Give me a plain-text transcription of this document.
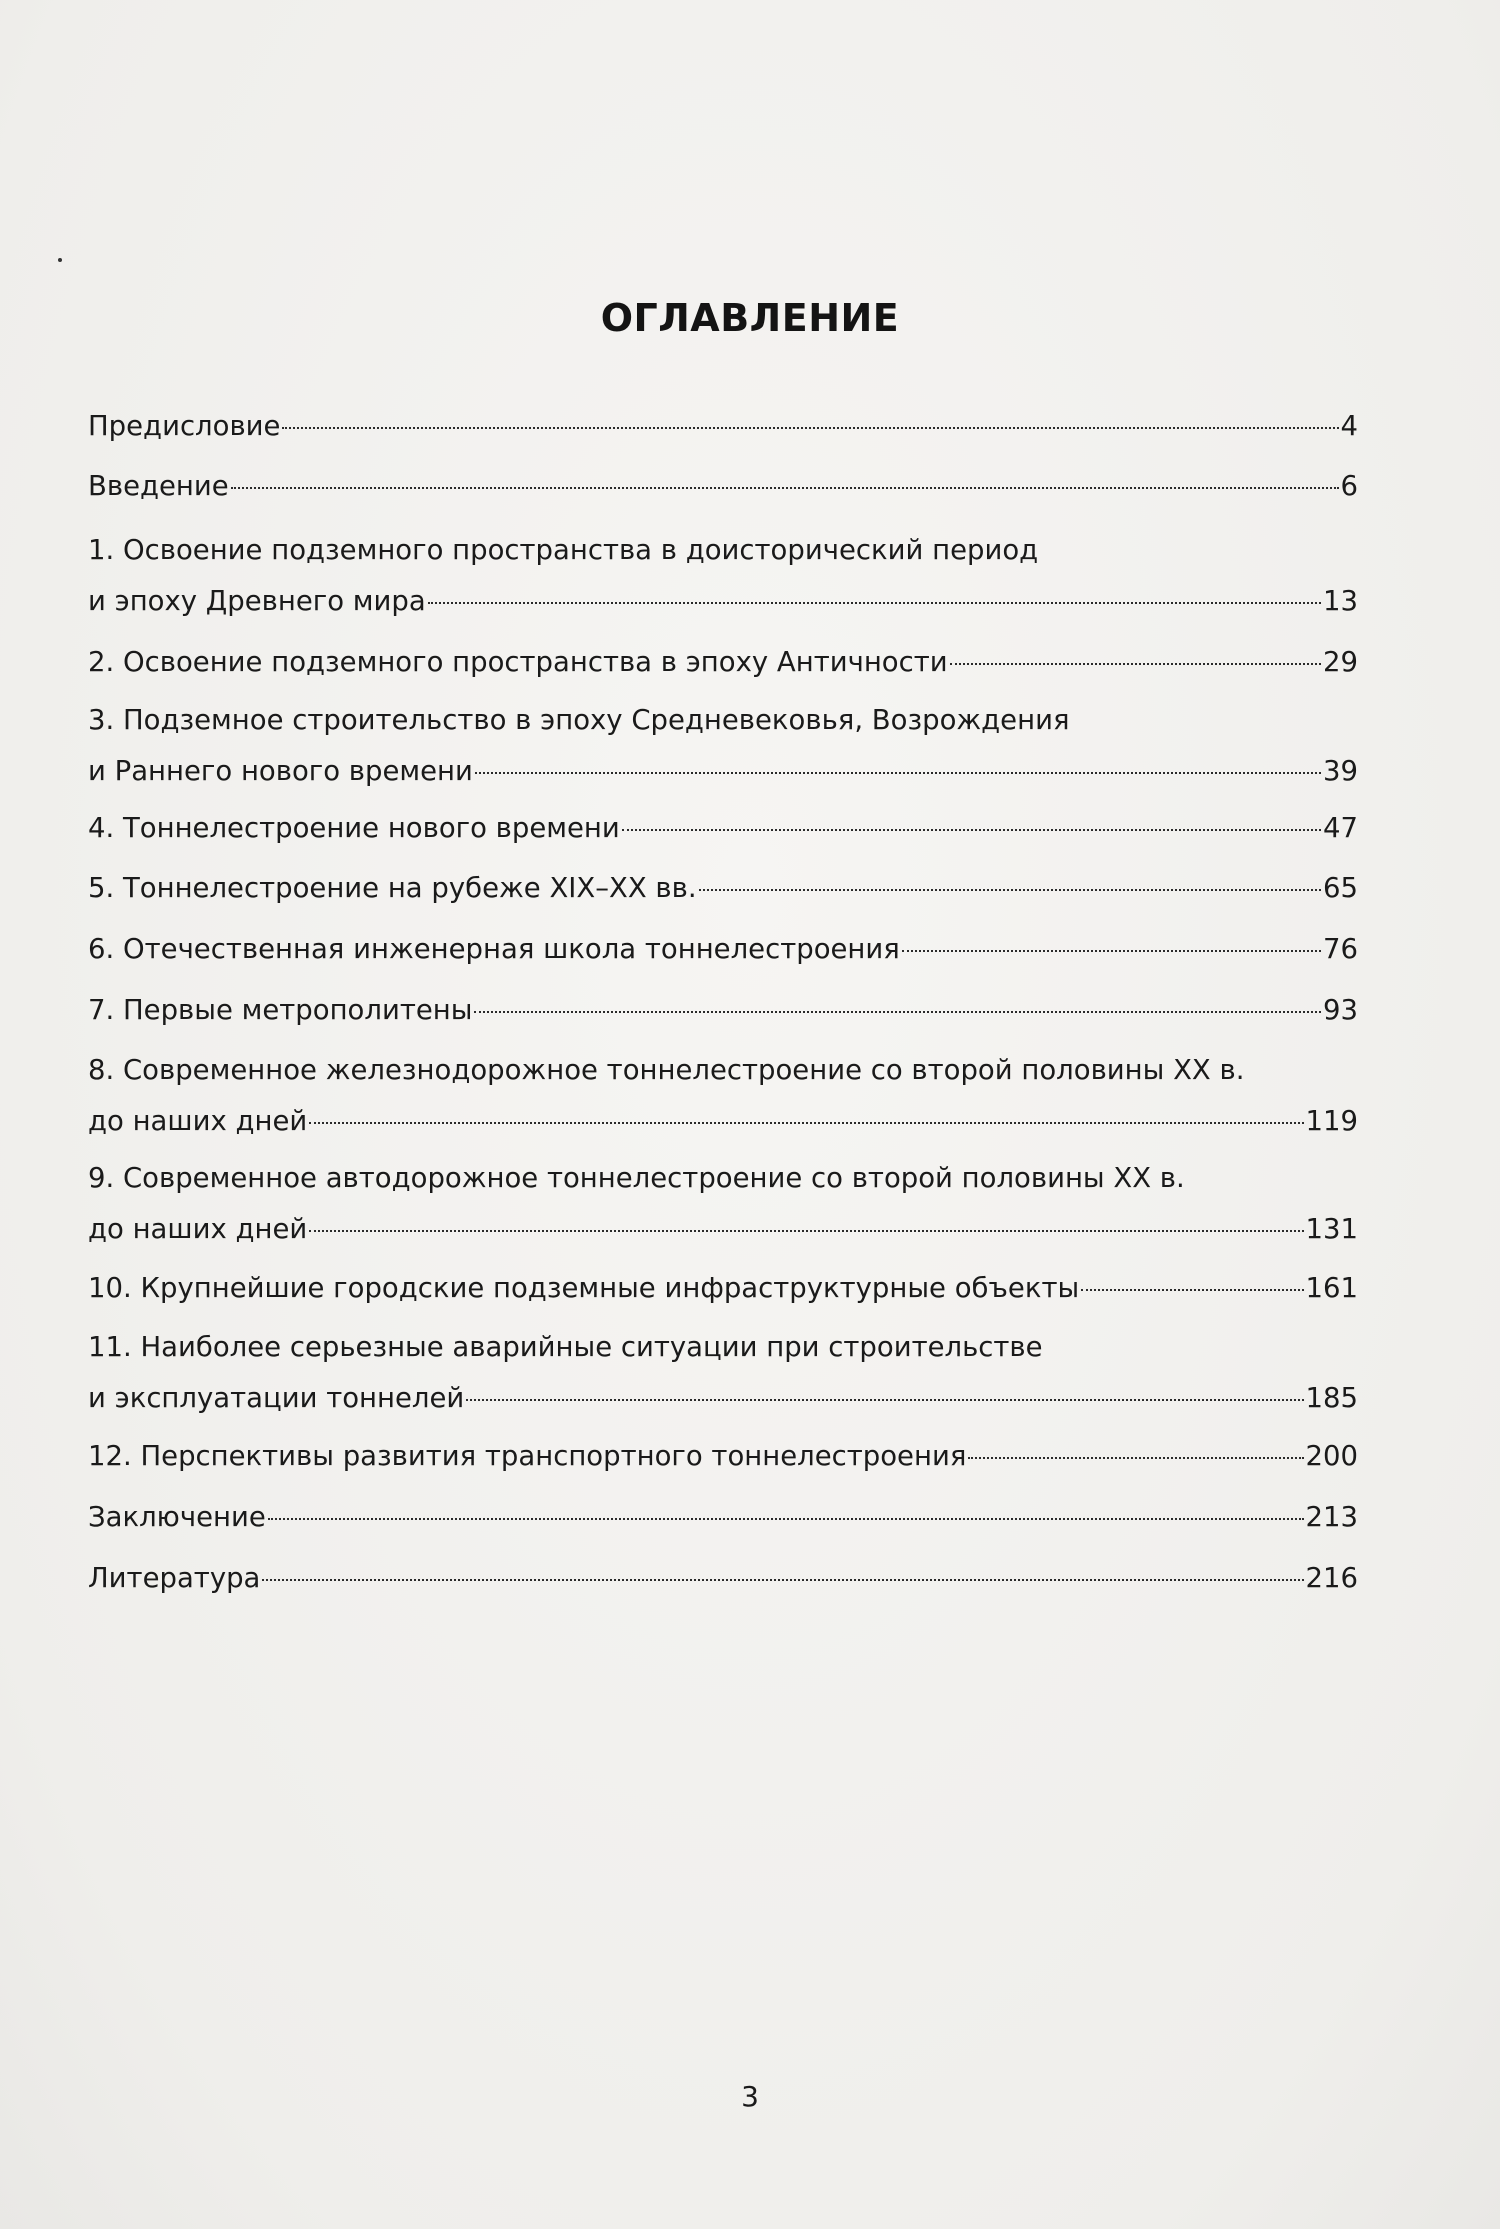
ОГЛАВЛЕНИЕ
Предисловие	4
Введение	6
1. Освоение подземного пространства в доисторический период
и эпоху Древнего мира	13
2. Освоение подземного пространства в эпоху Античности	29
3. Подземное строительство в эпоху Средневековья, Возрождения
и Раннего нового времени	39
4. Тоннелестроение нового времени	47
5. Тоннелестроение на рубеже XIX–XX вв.	65
6. Отечественная инженерная школа тоннелестроения	76
7. Первые метрополитены	93
8. Современное железнодорожное тоннелестроение со второй половины XX в.
до наших дней	119
9. Современное автодорожное тоннелестроение со второй половины XX в.
до наших дней	131
10. Крупнейшие городские подземные инфраструктурные объекты	161
11. Наиболее серьезные аварийные ситуации при строительстве
и эксплуатации тоннелей	185
12. Перспективы развития транспортного тоннелестроения	200
Заключение	213
Литература	216
3
